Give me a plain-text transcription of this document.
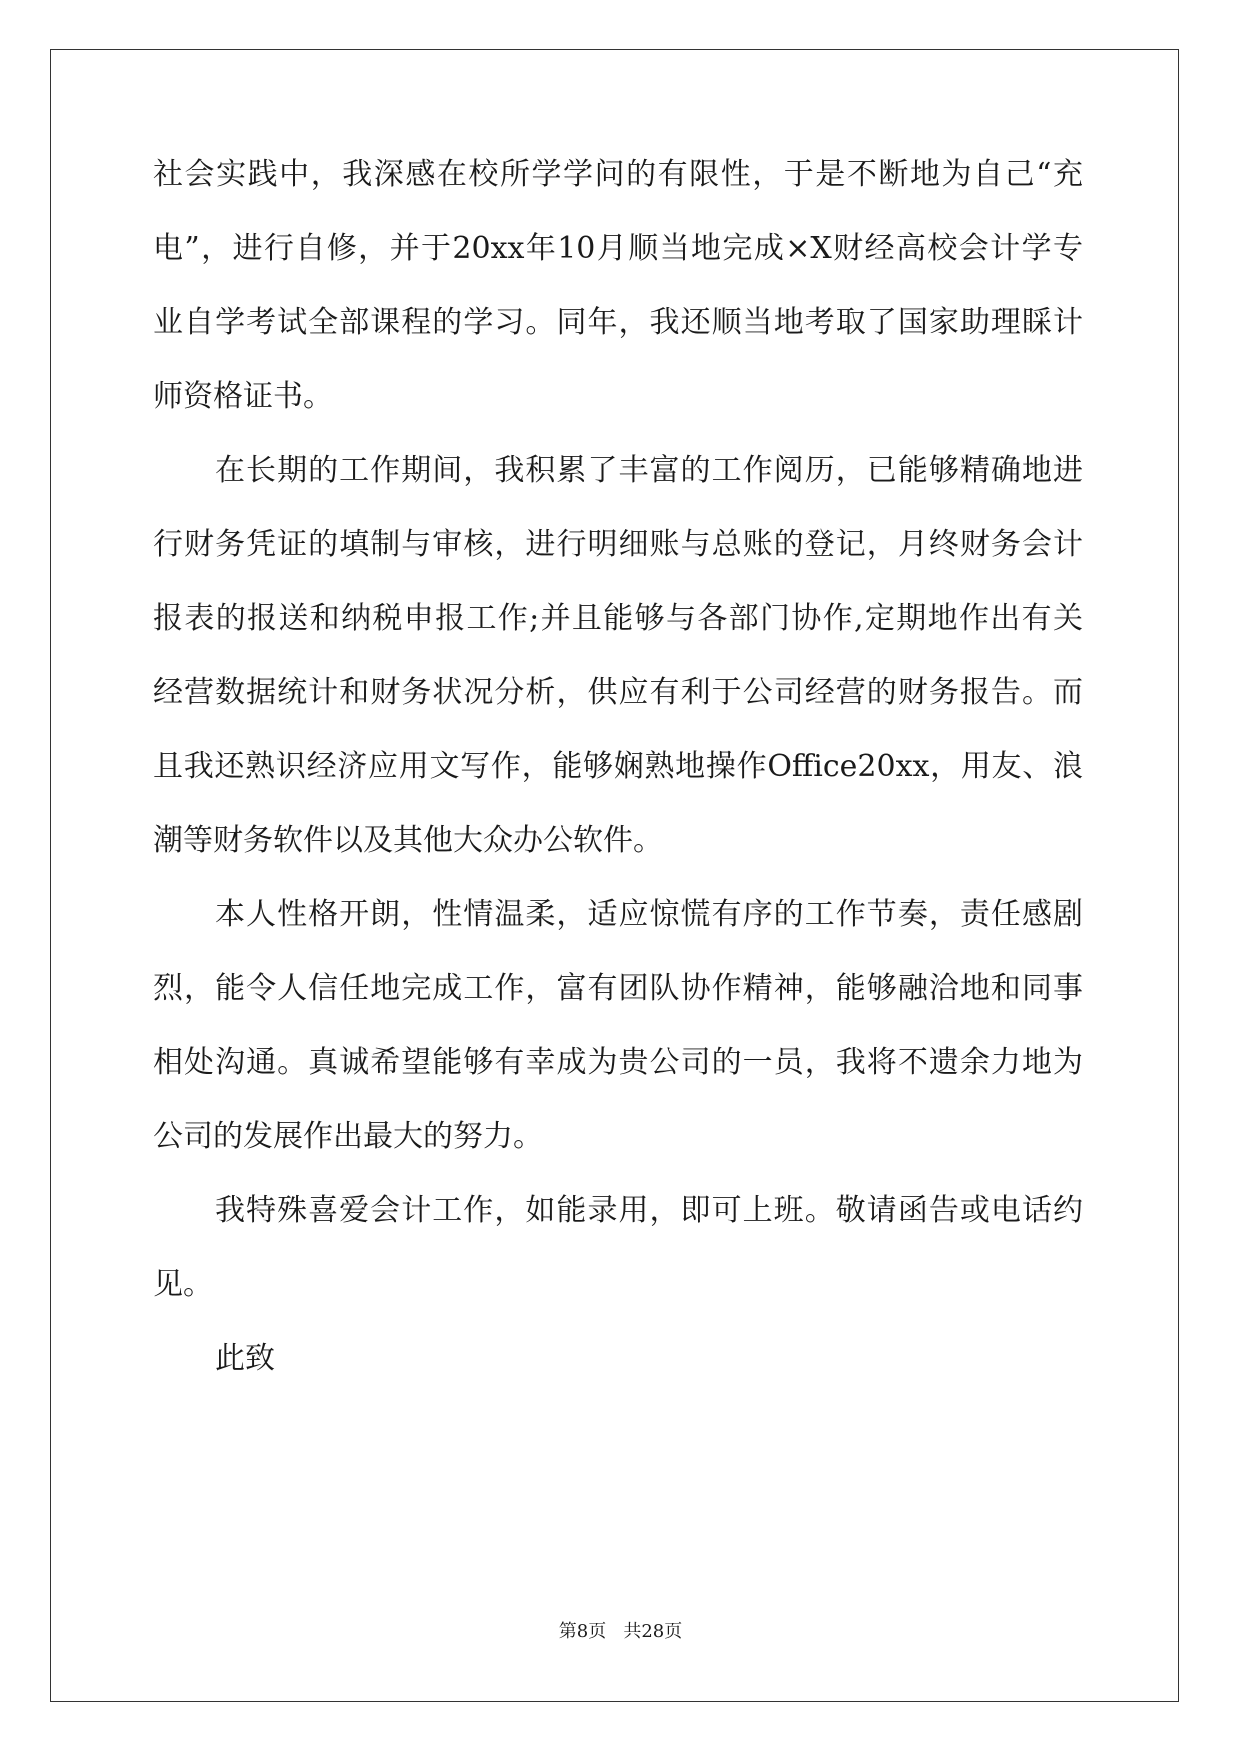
社会实践中，我深感在校所学学问的有限性，于是不断地为自己“充
电”，进行自修，并于20xx年10月顺当地完成×X财经高校会计学专
业自学考试全部课程的学习。同年，我还顺当地考取了国家助理睬计
师资格证书。
在长期的工作期间，我积累了丰富的工作阅历，已能够精确地进
行财务凭证的填制与审核，进行明细账与总账的登记，月终财务会计
报表的报送和纳税申报工作;并且能够与各部门协作,定期地作出有关
经营数据统计和财务状况分析，供应有利于公司经营的财务报告。而
且我还熟识经济应用文写作，能够娴熟地操作Office20xx，用友、浪
潮等财务软件以及其他大众办公软件。
本人性格开朗，性情温柔，适应惊慌有序的工作节奏，责任感剧
烈，能令人信任地完成工作，富有团队协作精神，能够融洽地和同事
相处沟通。真诚希望能够有幸成为贵公司的一员，我将不遗余力地为
公司的发展作出最大的努力。
我特殊喜爱会计工作，如能录用，即可上班。敬请函告或电话约
见。
此致
第8页 共28页
